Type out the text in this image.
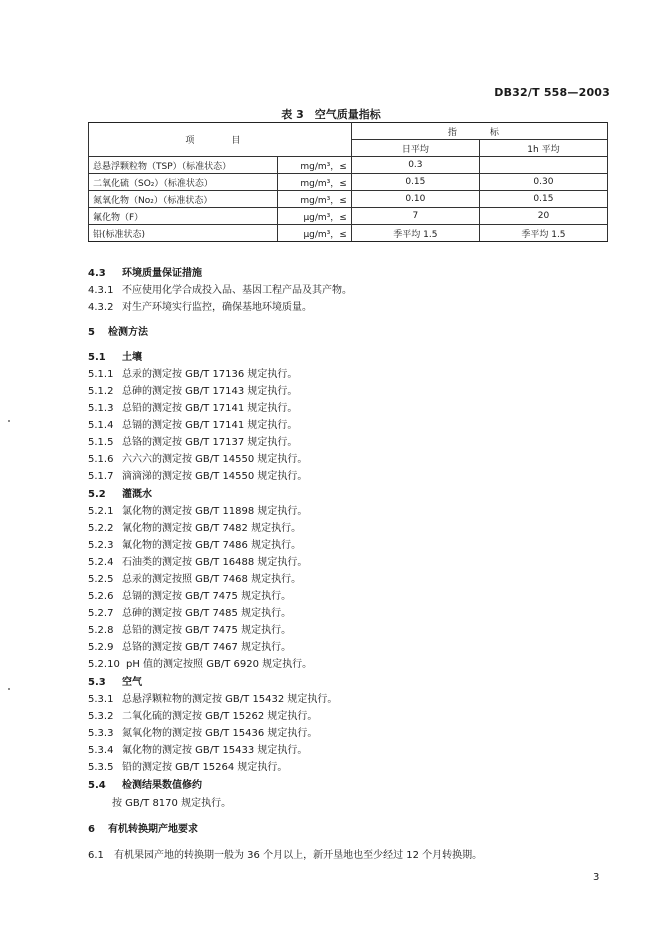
DB32/T 558—2003
表 3　空气质量指标
项　目		指　标	
		日平均	1h 平均
总悬浮颗粒物（TSP）（标准状态）	mg/m³，≤	0.3	
二氧化硫（SO₂）（标准状态）	mg/m³，≤	0.15	0.30
氮氧化物（No₂）（标准状态）	mg/m³，≤	0.10	0.15
氟化物（F）	μg/m³，≤	7	20
铅(标准状态)	μg/m³，≤	季平均 1.5	季平均 1.5
4.3 环境质量保证措施
4.3.1 不应使用化学合成投入品、基因工程产品及其产物。
4.3.2 对生产环境实行监控，确保基地环境质量。
5 检测方法
5.1 土壤
5.1.1 总汞的测定按 GB/T 17136 规定执行。
5.1.2 总砷的测定按 GB/T 17143 规定执行。
5.1.3 总铅的测定按 GB/T 17141 规定执行。
5.1.4 总镉的测定按 GB/T 17141 规定执行。
5.1.5 总铬的测定按 GB/T 17137 规定执行。
5.1.6 六六六的测定按 GB/T 14550 规定执行。
5.1.7 滴滴涕的测定按 GB/T 14550 规定执行。
5.2 灌溉水
5.2.1 氯化物的测定按 GB/T 11898 规定执行。
5.2.2 氰化物的测定按 GB/T 7482 规定执行。
5.2.3 氟化物的测定按 GB/T 7486 规定执行。
5.2.4 石油类的测定按 GB/T 16488 规定执行。
5.2.5 总汞的测定按照 GB/T 7468 规定执行。
5.2.6 总镉的测定按 GB/T 7475 规定执行。
5.2.7 总砷的测定按 GB/T 7485 规定执行。
5.2.8 总铅的测定按 GB/T 7475 规定执行。
5.2.9 总铬的测定按 GB/T 7467 规定执行。
5.2.10 pH 值的测定按照 GB/T 6920 规定执行。
5.3 空气
5.3.1 总悬浮颗粒物的测定按 GB/T 15432 规定执行。
5.3.2 二氧化硫的测定按 GB/T 15262 规定执行。
5.3.3 氮氧化物的测定按 GB/T 15436 规定执行。
5.3.4 氟化物的测定按 GB/T 15433 规定执行。
5.3.5 铅的测定按 GB/T 15264 规定执行。
5.4 检测结果数值修约
按 GB/T 8170 规定执行。
6 有机转换期产地要求
6.1 有机果园产地的转换期一般为 36 个月以上，新开垦地也至少经过 12 个月转换期。
3
